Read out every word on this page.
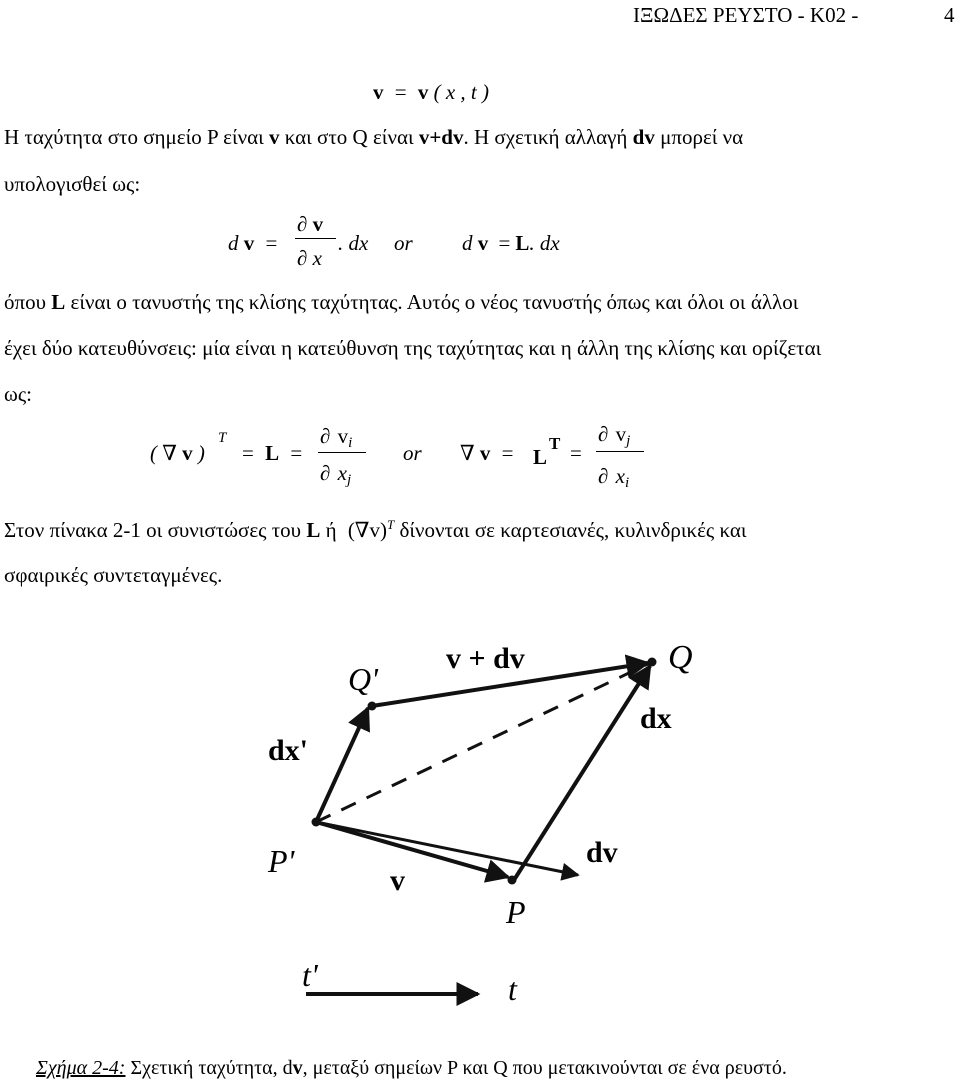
ΙΞΩΔΕΣ ΡΕΥΣΤΟ - Κ02 -	4
v = v ( x , t )
Η ταχύτητα στο σημείο P είναι v και στο Q είναι v+dv. Η σχετική αλλαγή dv μπορεί να
υπολογισθεί ως:
d v =
∂ v
∂ x
. dx or d v = L. dx
όπου L είναι ο τανυστής της κλίσης ταχύτητας. Αυτός ο νέος τανυστής όπως και όλοι οι άλλοι
έχει δύο κατευθύνσεις: μία είναι η κατεύθυνση της ταχύτητας και η άλλη της κλίσης και ορίζεται
ως:
( ∇ v )
T
= L =
∂ vi
∂ xj
or ∇ v = L
T =
∂ vj
∂ xi
Στον πίνακα 2-1 οι συνιστώσες του L ή $(\nabla v)^T$ δίνονται σε καρτεσιανές, κυλινδρικές και
σφαιρικές συντεταγμένες.
Q'
Q
P'
P
v + dv
dx'
dx
dv
v
t'	t
Σχήμα 2-4: Σχετική ταχύτητα, dv, μεταξύ σημείων P και Q που μετακινούνται σε ένα ρευστό.
